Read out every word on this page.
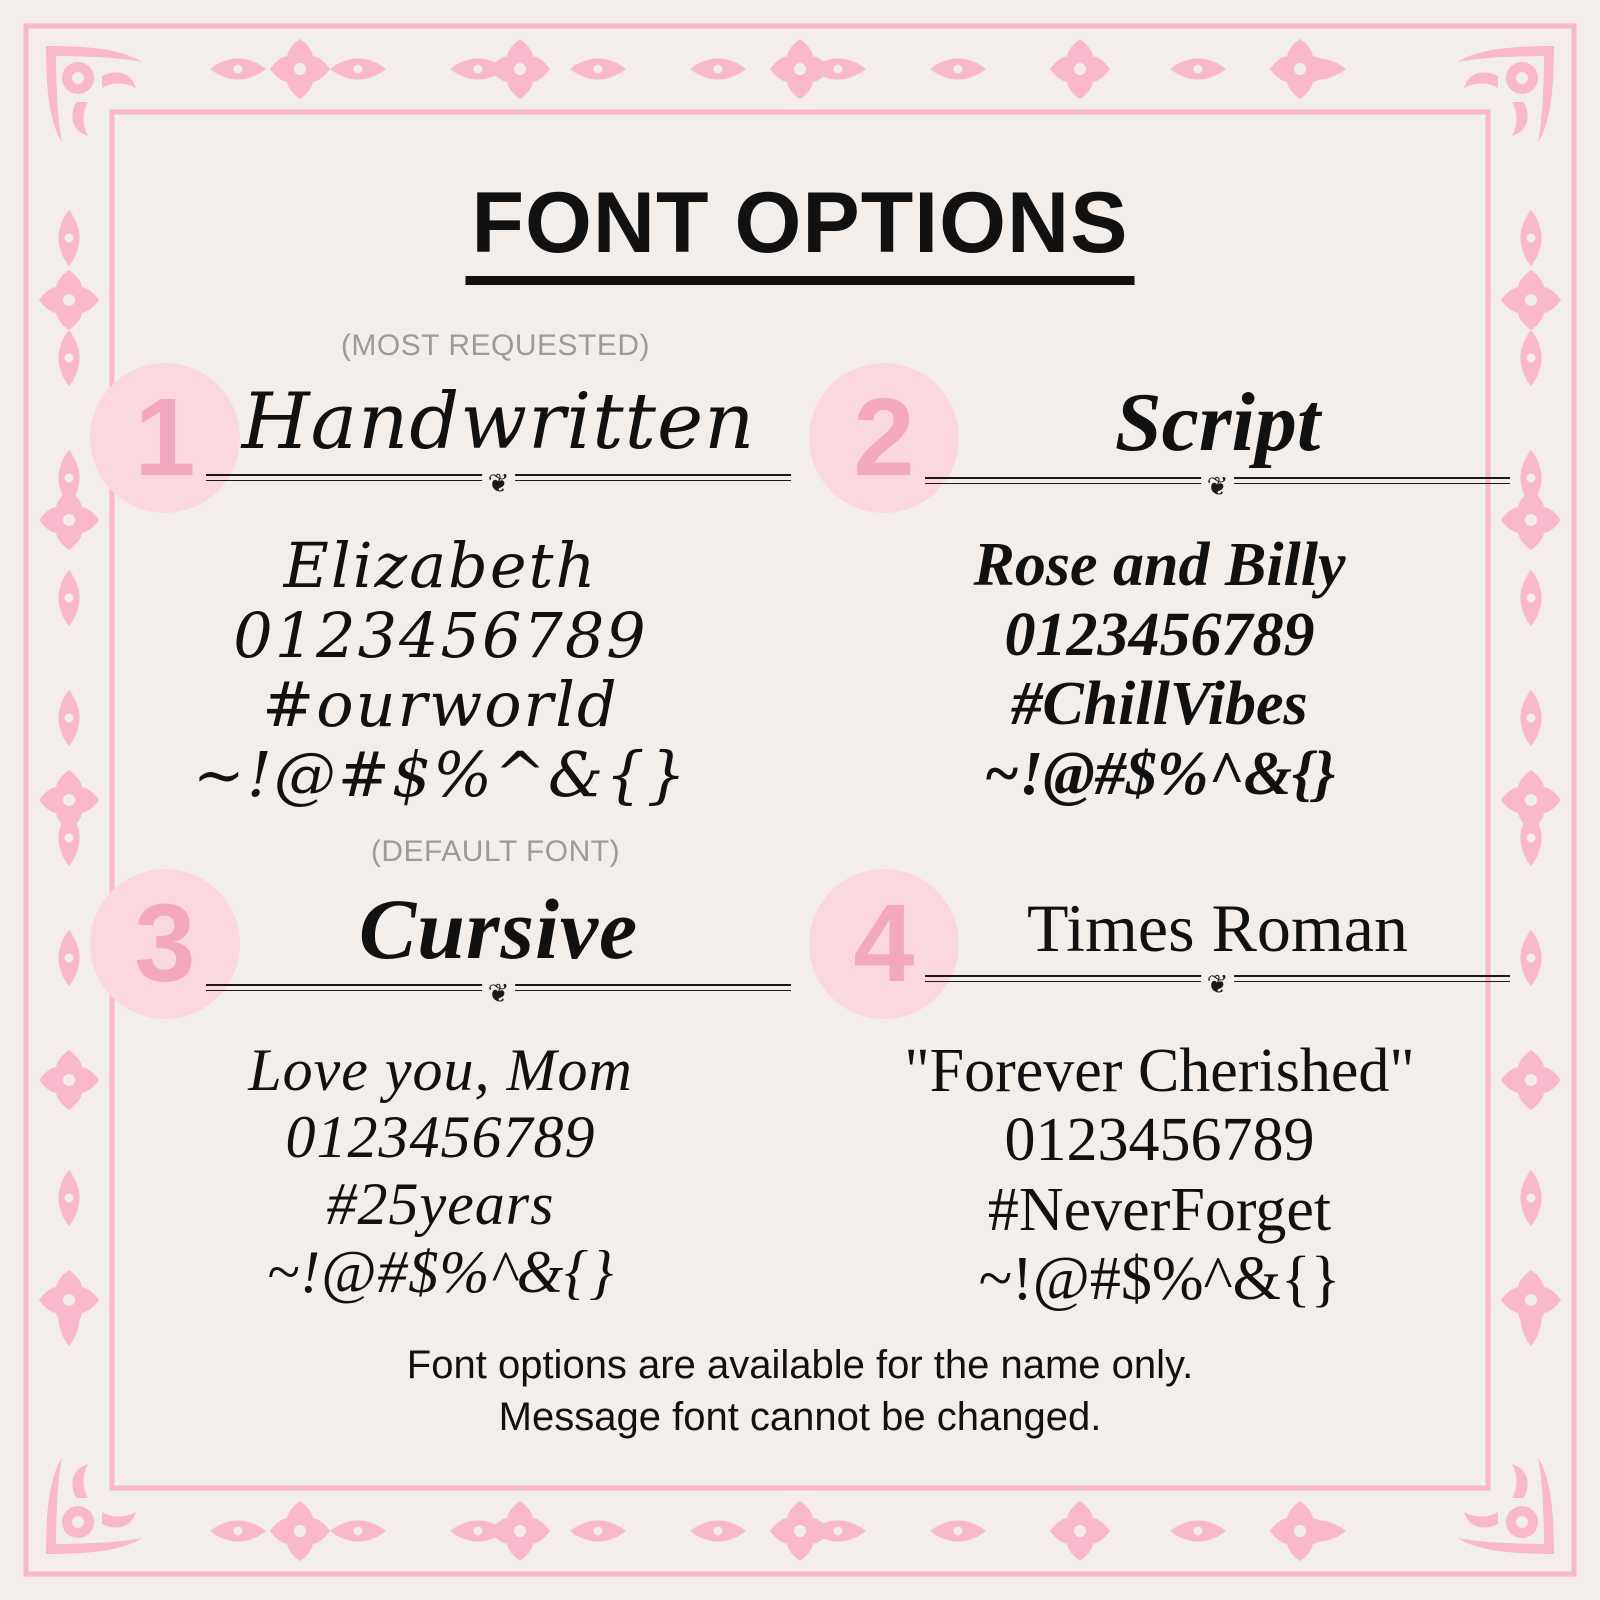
FONT OPTIONS
(MOST REQUESTED)
1 Handwritten
❦
Elizabeth
0123456789
#ourworld
~!@#$%^&{}
2	Script
❦
Rose and Billy
0123456789
#ChillVibes
~!@#$%^&{}
(DEFAULT FONT)
3	Cursive
❦
Love you, Mom
0123456789
#25years
~!@#$%^&{}
4	Times Roman
❦
"Forever Cherished"
0123456789
#NeverForget
~!@#$%^&{}
Font options are available for the name only.
Message font cannot be changed.
